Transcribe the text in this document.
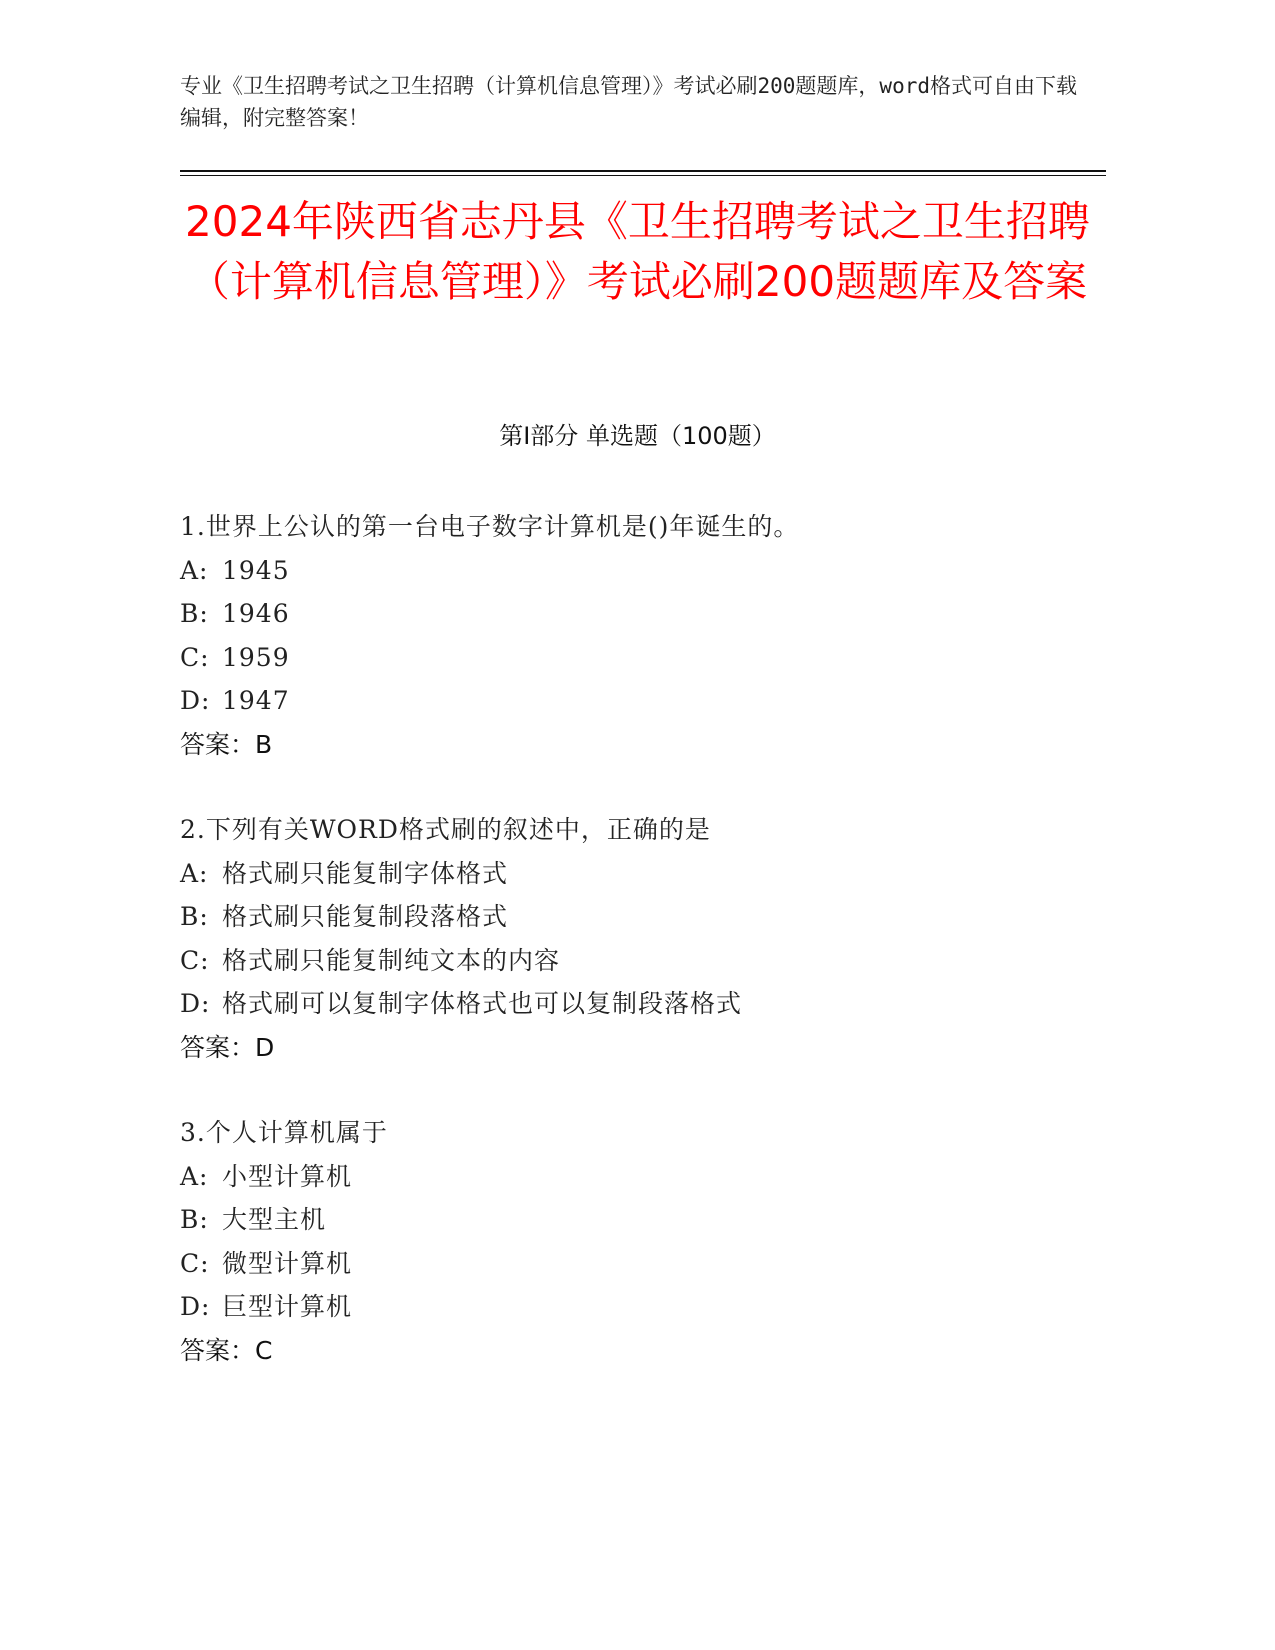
专业《卫生招聘考试之卫生招聘（计算机信息管理）》考试必刷200题题库，word格式可自由下载编辑，附完整答案！
2024年陕西省志丹县《卫生招聘考试之卫生招聘（计算机信息管理）》考试必刷200题题库及答案
第Ⅰ部分 单选题（100题）
1.世界上公认的第一台电子数字计算机是()年诞生的。
A: 1945
B: 1946
C: 1959
D: 1947
答案：B
2.下列有关WORD格式刷的叙述中，正确的是
A: 格式刷只能复制字体格式
B: 格式刷只能复制段落格式
C: 格式刷只能复制纯文本的内容
D: 格式刷可以复制字体格式也可以复制段落格式
答案：D
3.个人计算机属于
A: 小型计算机
B: 大型主机
C: 微型计算机
D: 巨型计算机
答案：C
